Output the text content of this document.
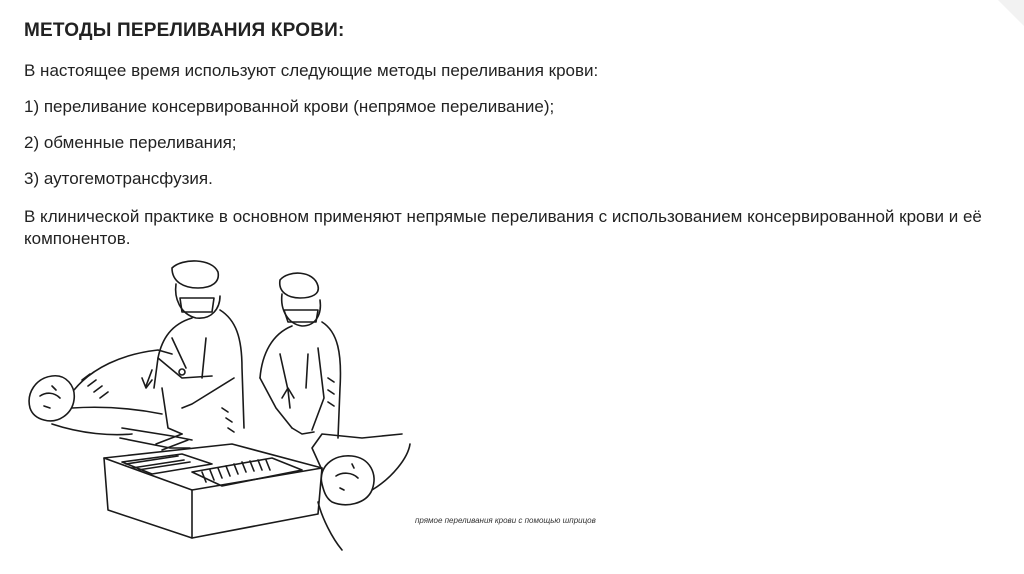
МЕТОДЫ ПЕРЕЛИВАНИЯ КРОВИ:
В настоящее время используют следующие методы переливания крови:
1) переливание консервированной крови (непрямое переливание);
2) обменные переливания;
3) аутогемотрансфузия.
В клинической практике в основном применяют непрямые переливания с использованием консервированной крови и её компонентов.
прямое переливания крови с помощью шприцов
